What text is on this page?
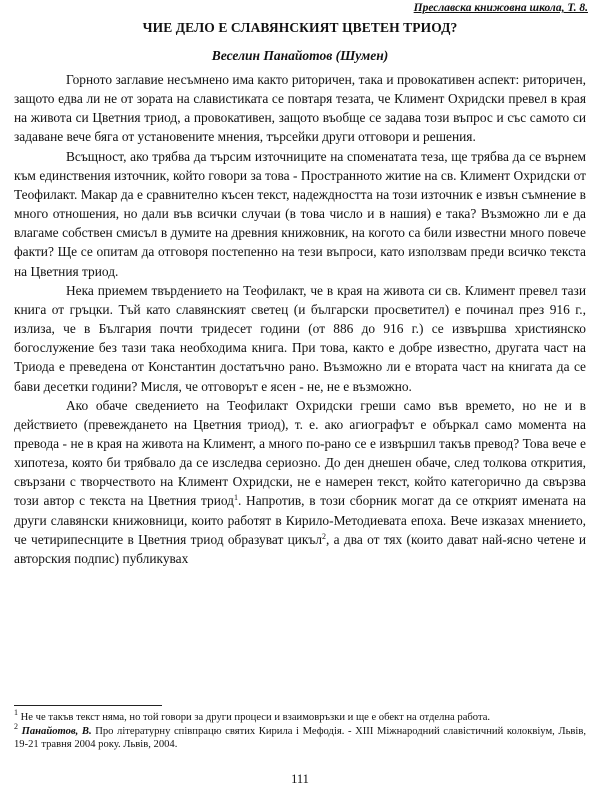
Преславска книжовна школа, Т. 8.
ЧИЕ ДЕЛО Е СЛАВЯНСКИЯТ ЦВЕТЕН ТРИОД?
Веселин Панайотов (Шумен)

Горното заглавие несъмнено има както риторичен, така и провокативен аспект: риторичен, защото едва ли не от зората на славистиката се повтаря тезата, че Климент Охридски превел в края на живота си Цветния триод, а провокативен, защото въобще се задава този въпрос и със самото си задаване вече бяга от установените мнения, търсейки други отговори и решения.

Всъщност, ако трябва да търсим източниците на споменатата теза, ще трябва да се върнем към единствения източник, който говори за това - Пространното житие на св. Климент Охридски от Теофилакт. Макар да е сравнително късен текст, надеждността на този източник е извън съмнение в много отношения, но дали във всички случаи (в това число и в нашия) е така? Възможно ли е да влагаме собствен смисъл в думите на древния книжовник, на когото са били известни много повече факти? Ще се опитам да отговоря постепенно на тези въпроси, като използвам преди всичко текста на Цветния триод.

Нека приемем твърдението на Теофилакт, че в края на живота си св. Климент превел тази книга от гръцки. Тъй като славянският светец (и български просветител) е починал през 916 г., излиза, че в България почти тридесет години (от 886 до 916 г.) се извършва християнско богослужение без тази така необходима книга. При това, както е добре известно, другата част на Триода е преведена от Константин достатъчно рано. Възможно ли е втората част на книгата да се бави десетки години? Мисля, че отговорът е ясен - не, не е възможно.

Ако обаче сведението на Теофилакт Охридски греши само във времето, но не и в действието (превеждането на Цветния триод), т. е. ако агиографът е объркал само момента на превода - не в края на живота на Климент, а много по-рано се е извършил такъв превод? Това вече е хипотеза, която би трябвало да се изследва сериозно. До ден днешен обаче, след толкова открития, свързани с творчеството на Климент Охридски, не е намерен текст, който категорично да свързва този автор с текста на Цветния триод$^1$. Напротив, в този сборник могат да се открият имената на други славянски книжовници, които работят в Кирило-Методиевата епоха. Вече изказах мнението, че четирипеснците в Цветния триод образуват цикъл$^2$, а два от тях (които дават най-ясно четене и авторския подпис) публикувах

$^1$ Не че такъв текст няма, но той говори за други процеси и взаимовръзки и ще е обект на отделна работа.

$^2$ Панайотов, В. Про літературну співпрацю святих Кирила і Мефодія. - ХІІІ Міжнародний славістичний колоквіум, Львів, 19-21 травня 2004 року. Львів, 2004.

111
